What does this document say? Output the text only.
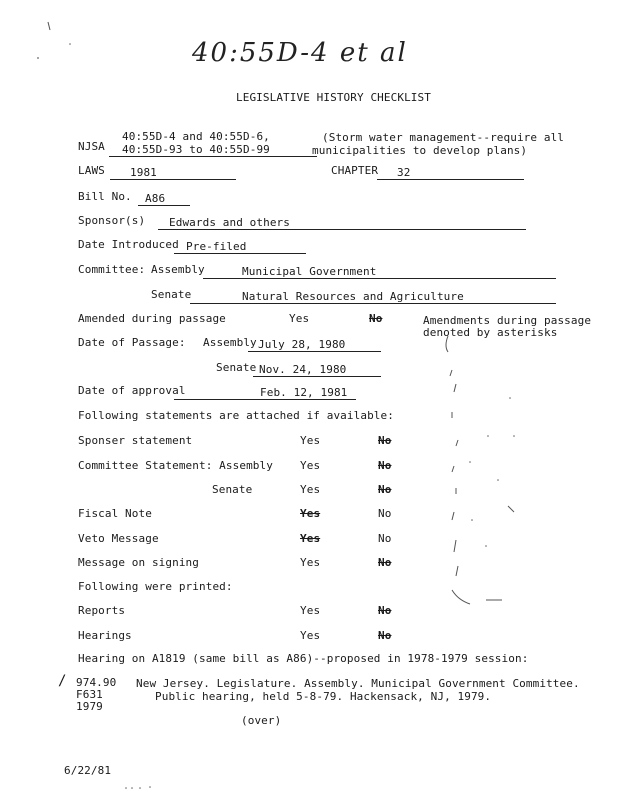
40:55D-4 et al
LEGISLATIVE HISTORY CHECKLIST
NJSA
40:55D-4 and 40:55D-6,
40:55D-93 to 40:55D-99
(Storm water management--require all
municipalities to develop plans)
LAWS	1981	CHAPTER	32
Bill No.	A86
Sponsor(s)	Edwards and others
Date Introduced Pre-filed
Committee: Assembly	Municipal Government
Senate	Natural Resources and Agriculture
Amended during passage	Yes	No	Amendments during passage
denoted by asterisks
Date of Passage: Assembly July 28, 1980
Senate Nov. 24, 1980
Date of approval	Feb. 12, 1981
Following statements are attached if available:
Sponser statement	Yes	No
Committee Statement: Assembly Yes	No
Senate	Yes	No
Fiscal Note	Yes	No
Veto Message	Yes	No
Message on signing	Yes	No
Following were printed:
Reports	Yes	No
Hearings	Yes	No
Hearing on A1819 (same bill as A86)--proposed in 1978-1979 session:
/ 974.90
F631
1979
New Jersey. Legislature. Assembly. Municipal Government Committee.
Public hearing, held 5-8-79. Hackensack, NJ, 1979.
(over)
6/22/81
